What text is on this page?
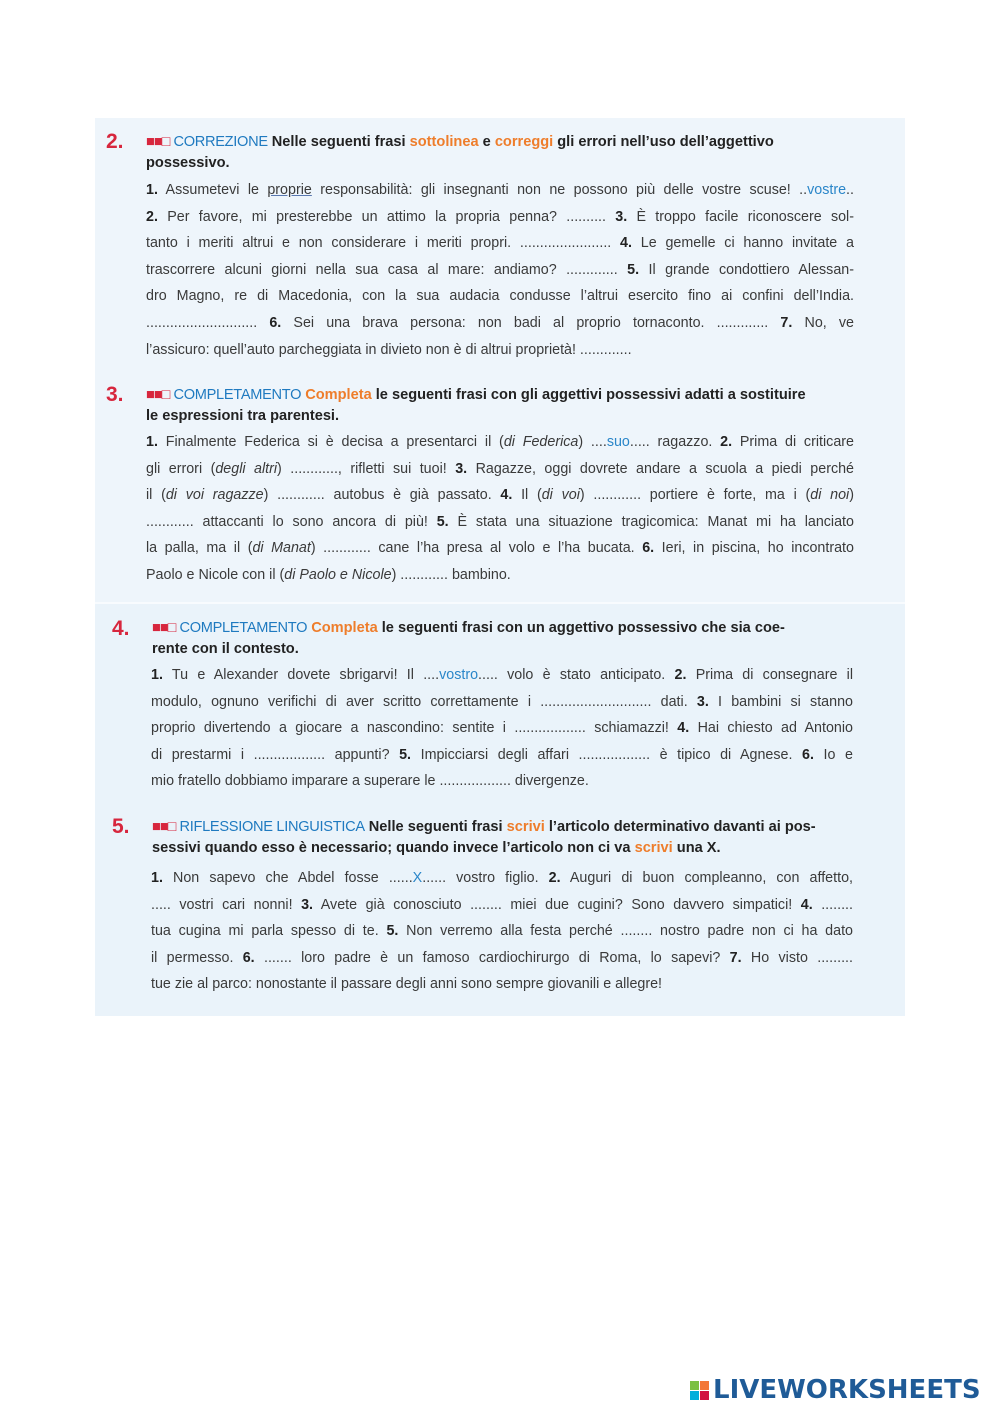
2. ■■□ CORREZIONE Nelle seguenti frasi sottolinea e correggi gli errori nell’uso dell’aggettivo
possessivo.
1. Assumetevi le proprie responsabilità: gli insegnanti non ne possono più delle vostre scuse! ..vostre..
2. Per favore, mi presterebbe un attimo la propria penna? .......... 3. È troppo facile riconoscere sol-
tanto i meriti altrui e non considerare i meriti propri. ....................... 4. Le gemelle ci hanno invitate a
trascorrere alcuni giorni nella sua casa al mare: andiamo? ............. 5. Il grande condottiero Alessan-
dro Magno, re di Macedonia, con la sua audacia condusse l’altrui esercito fino ai confini dell’India.
............................ 6. Sei una brava persona: non badi al proprio tornaconto. ............. 7. No, ve
l’assicuro: quell’auto parcheggiata in divieto non è di altrui proprietà! .............
3. ■■□ COMPLETAMENTO Completa le seguenti frasi con gli aggettivi possessivi adatti a sostituire
le espressioni tra parentesi.
1. Finalmente Federica si è decisa a presentarci il (di Federica) ....suo..... ragazzo. 2. Prima di criticare
gli errori (degli altri) ............, rifletti sui tuoi! 3. Ragazze, oggi dovrete andare a scuola a piedi perché
il (di voi ragazze) ............ autobus è già passato. 4. Il (di voi) ............ portiere è forte, ma i (di noi)
............ attaccanti lo sono ancora di più! 5. È stata una situazione tragicomica: Manat mi ha lanciato
la palla, ma il (di Manat) ............ cane l’ha presa al volo e l’ha bucata. 6. Ieri, in piscina, ho incontrato
Paolo e Nicole con il (di Paolo e Nicole) ............ bambino.
4. ■■□ COMPLETAMENTO Completa le seguenti frasi con un aggettivo possessivo che sia coe-
rente con il contesto.
1. Tu e Alexander dovete sbrigarvi! Il ....vostro..... volo è stato anticipato. 2. Prima di consegnare il
modulo, ognuno verifichi di aver scritto correttamente i ............................ dati. 3. I bambini si stanno
proprio divertendo a giocare a nascondino: sentite i .................. schiamazzi! 4. Hai chiesto ad Antonio
di prestarmi i .................. appunti? 5. Impicciarsi degli affari .................. è tipico di Agnese. 6. Io e
mio fratello dobbiamo imparare a superare le .................. divergenze.
5. ■■□ RIFLESSIONE LINGUISTICA Nelle seguenti frasi scrivi l’articolo determinativo davanti ai pos-
sessivi quando esso è necessario; quando invece l’articolo non ci va scrivi una X.
1. Non sapevo che Abdel fosse ......X...... vostro figlio. 2. Auguri di buon compleanno, con affetto,
..... vostri cari nonni! 3. Avete già conosciuto ........ miei due cugini? Sono davvero simpatici! 4. ........
tua cugina mi parla spesso di te. 5. Non verremo alla festa perché ........ nostro padre non ci ha dato
il permesso. 6. ....... loro padre è un famoso cardiochirurgo di Roma, lo sapevi? 7. Ho visto .........
tue zie al parco: nonostante il passare degli anni sono sempre giovanili e allegre!
LIVEWORKSHEETS
